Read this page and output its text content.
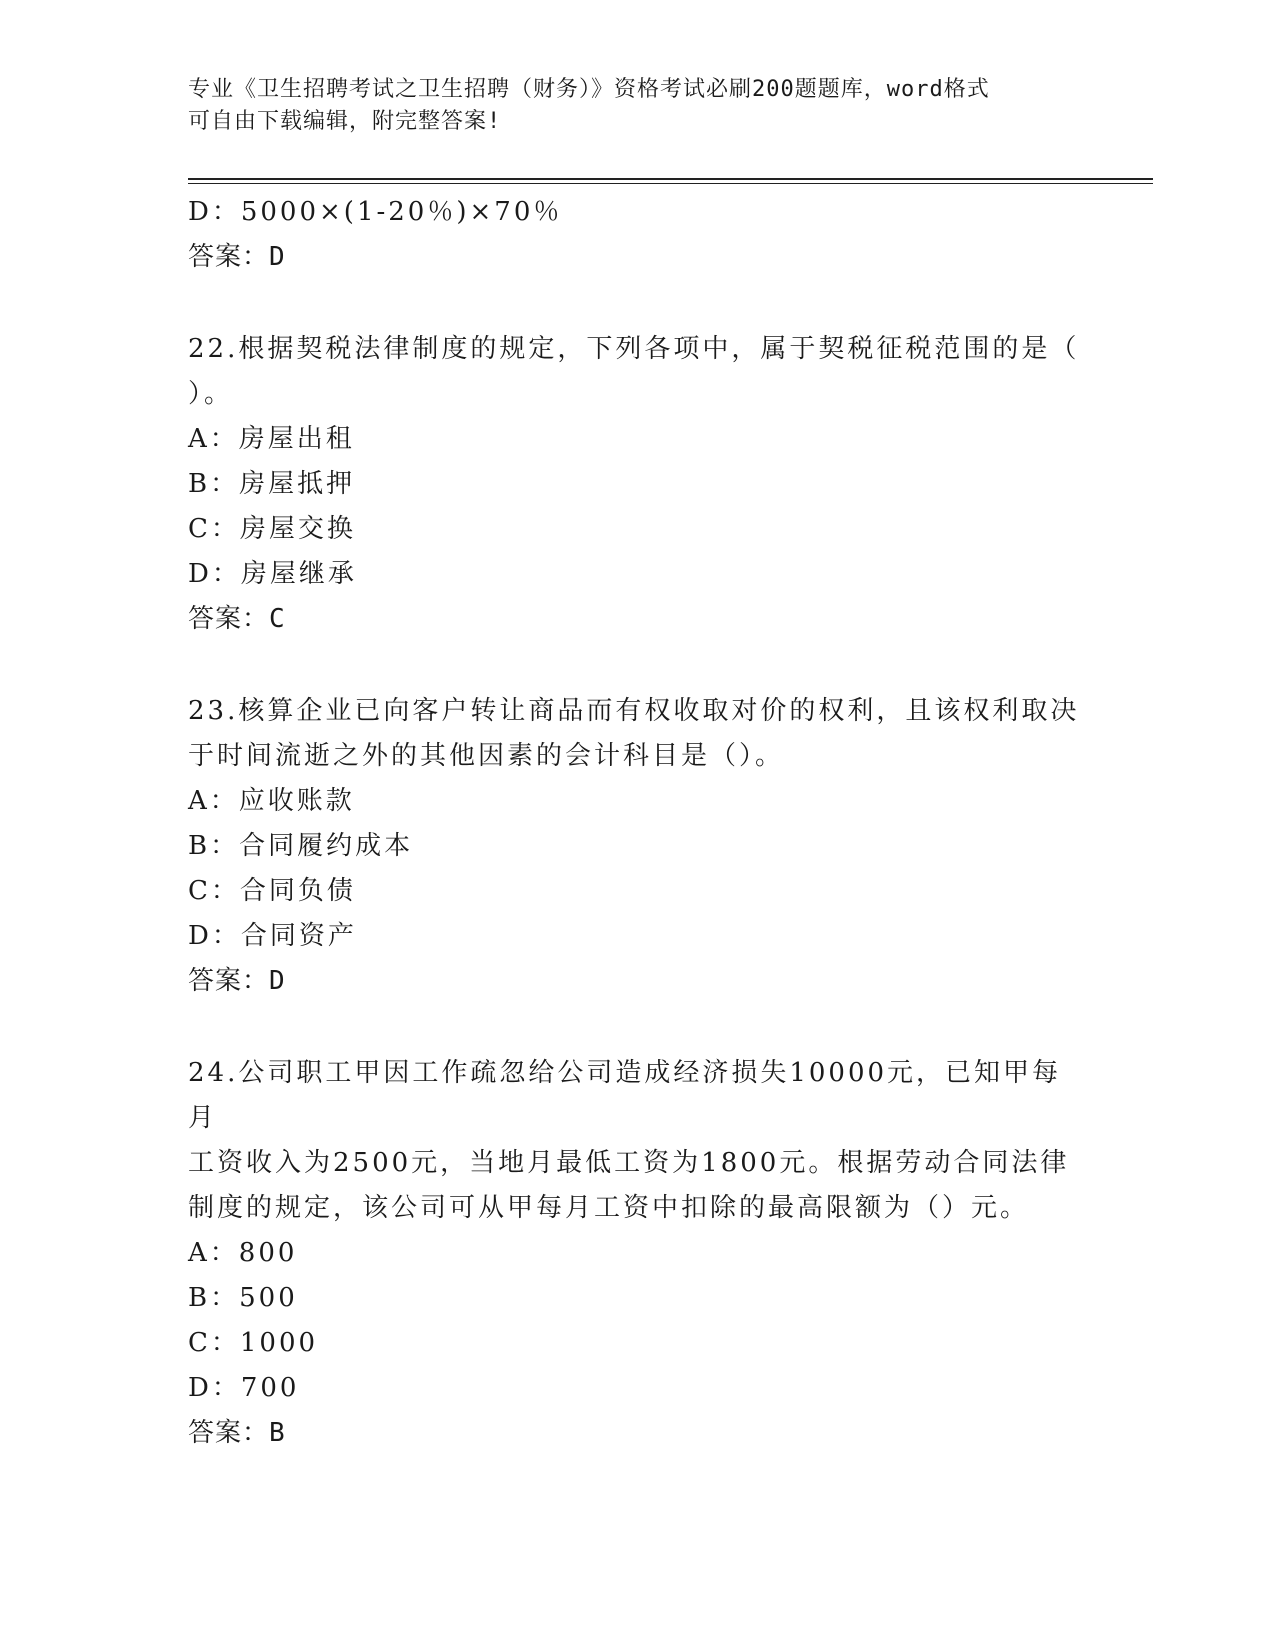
专业《卫生招聘考试之卫生招聘（财务）》资格考试必刷200题题库，word格式
可自由下载编辑，附完整答案!
D：5000×(1-20％)×70％
答案：D
22.根据契税法律制度的规定，下列各项中，属于契税征税范围的是（
）。
A：房屋出租
B：房屋抵押
C：房屋交换
D：房屋继承
答案：C
23.核算企业已向客户转让商品而有权收取对价的权利，且该权利取决
于时间流逝之外的其他因素的会计科目是（）。
A：应收账款
B：合同履约成本
C：合同负债
D：合同资产
答案：D
24.公司职工甲因工作疏忽给公司造成经济损失10000元，已知甲每月
工资收入为2500元，当地月最低工资为1800元。根据劳动合同法律
制度的规定，该公司可从甲每月工资中扣除的最高限额为（）元。
A：800
B：500
C：1000
D：700
答案：B
